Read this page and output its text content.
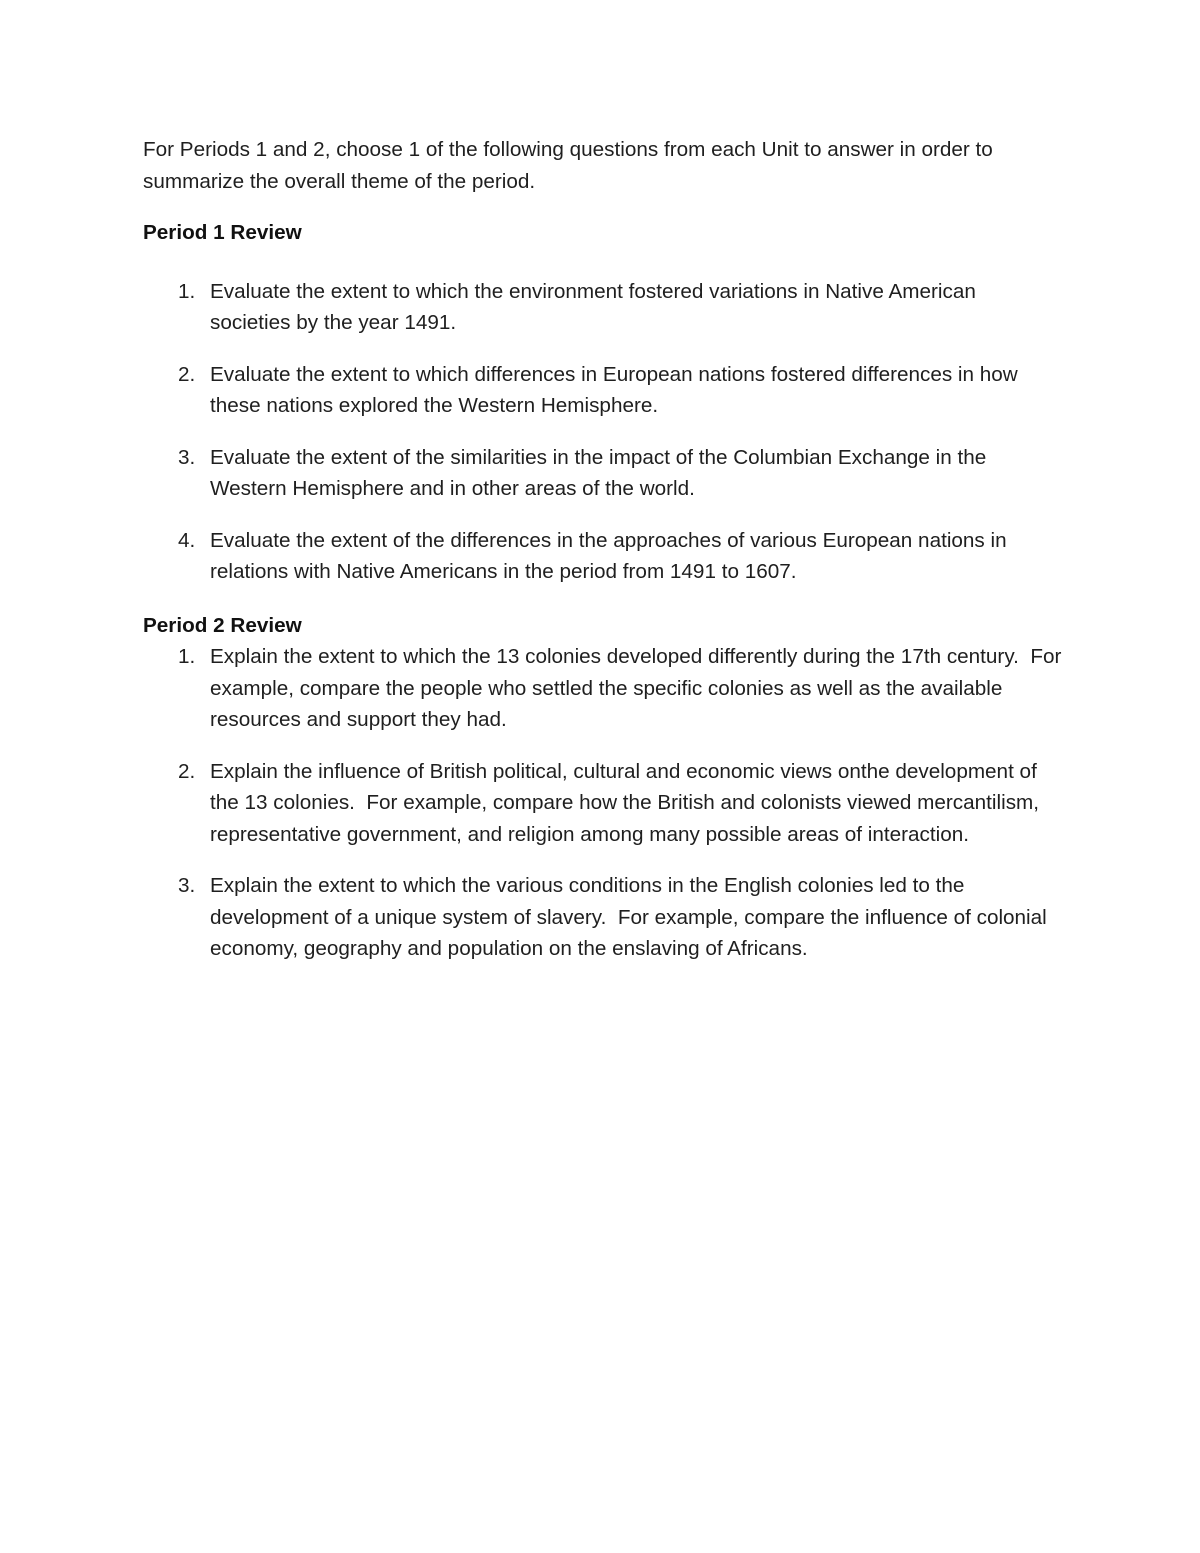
For Periods 1 and 2, choose 1 of the following questions from each Unit to answer in order to summarize the overall theme of the period.

Period 1 Review
Evaluate the extent to which the environment fostered variations in Native American societies by the year 1491.
Evaluate the extent to which differences in European nations fostered differences in how these nations explored the Western Hemisphere.
Evaluate the extent of the similarities in the impact of the Columbian Exchange in the Western Hemisphere and in other areas of the world.
Evaluate the extent of the differences in the approaches of various European nations in relations with Native Americans in the period from 1491 to 1607.
Period 2 Review
Explain the extent to which the 13 colonies developed differently during the 17th century.  For example, compare the people who settled the specific colonies as well as the available resources and support they had.
Explain the influence of British political, cultural and economic views onthe development of the 13 colonies.  For example, compare how the British and colonists viewed mercantilism, representative government, and religion among many possible areas of interaction.
Explain the extent to which the various conditions in the English colonies led to the development of a unique system of slavery.  For example, compare the influence of colonial economy, geography and population on the enslaving of Africans.
